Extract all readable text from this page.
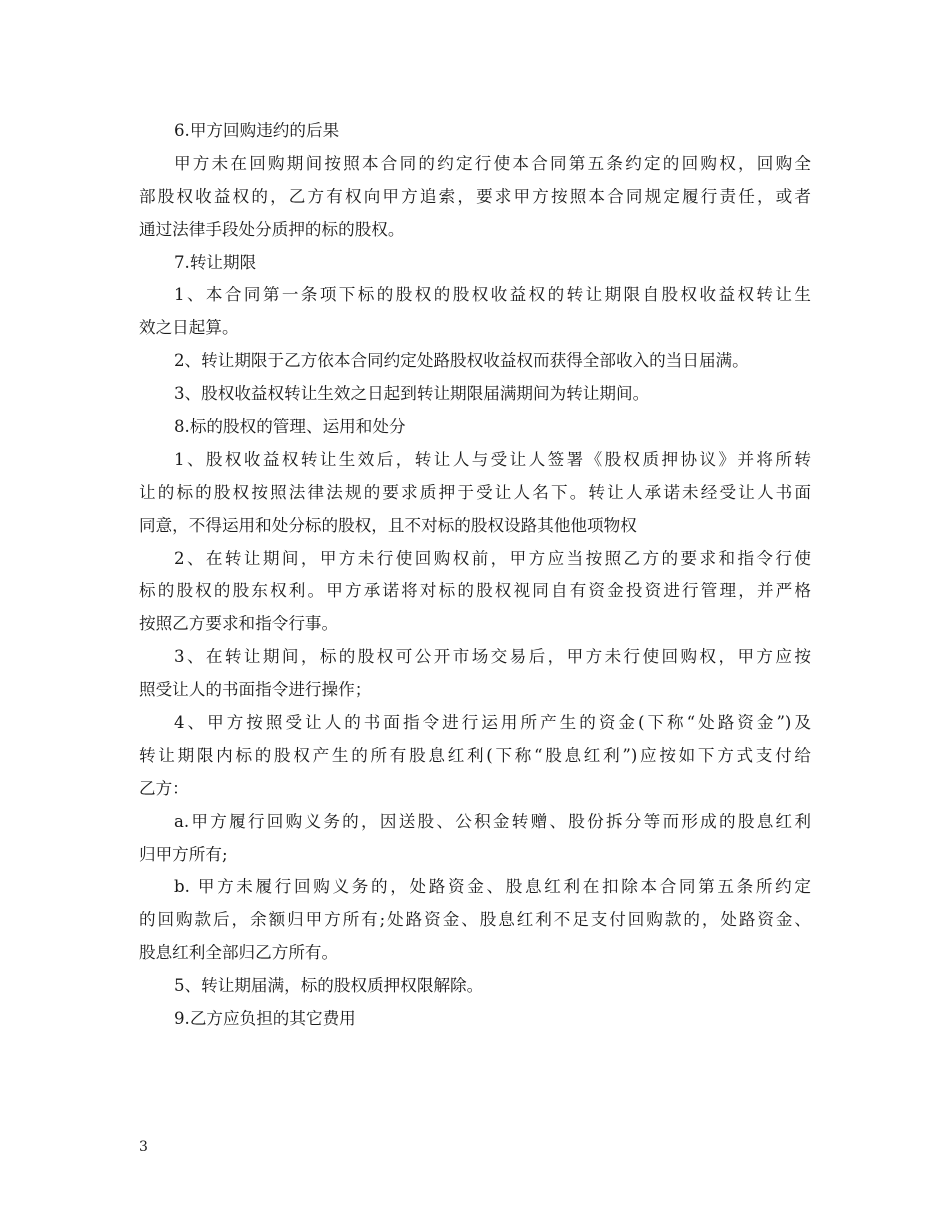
6.甲方回购违约的后果
甲方未在回购期间按照本合同的约定行使本合同第五条约定的回购权，回购全
部股权收益权的，乙方有权向甲方追索，要求甲方按照本合同规定履行责任，或者
通过法律手段处分质押的标的股权。
7.转让期限
1、本合同第一条项下标的股权的股权收益权的转让期限自股权收益权转让生
效之日起算。
2、转让期限于乙方依本合同约定处路股权收益权而获得全部收入的当日届满。
3、股权收益权转让生效之日起到转让期限届满期间为转让期间。
8.标的股权的管理、运用和处分
1、股权收益权转让生效后，转让人与受让人签署《股权质押协议》并将所转
让的标的股权按照法律法规的要求质押于受让人名下。转让人承诺未经受让人书面
同意，不得运用和处分标的股权，且不对标的股权设路其他他项物权
2、在转让期间，甲方未行使回购权前，甲方应当按照乙方的要求和指令行使
标的股权的股东权利。甲方承诺将对标的股权视同自有资金投资进行管理，并严格
按照乙方要求和指令行事。
3、在转让期间，标的股权可公开市场交易后，甲方未行使回购权，甲方应按
照受让人的书面指令进行操作；
4、甲方按照受让人的书面指令进行运用所产生的资金(下称“处路资金”)及
转让期限内标的股权产生的所有股息红利(下称“股息红利”)应按如下方式支付给
乙方：
a.甲方履行回购义务的，因送股、公积金转赠、股份拆分等而形成的股息红利
归甲方所有;
b. 甲方未履行回购义务的，处路资金、股息红利在扣除本合同第五条所约定
的回购款后，余额归甲方所有;处路资金、股息红利不足支付回购款的，处路资金、
股息红利全部归乙方所有。
5、转让期届满，标的股权质押权限解除。
9.乙方应负担的其它费用
3
